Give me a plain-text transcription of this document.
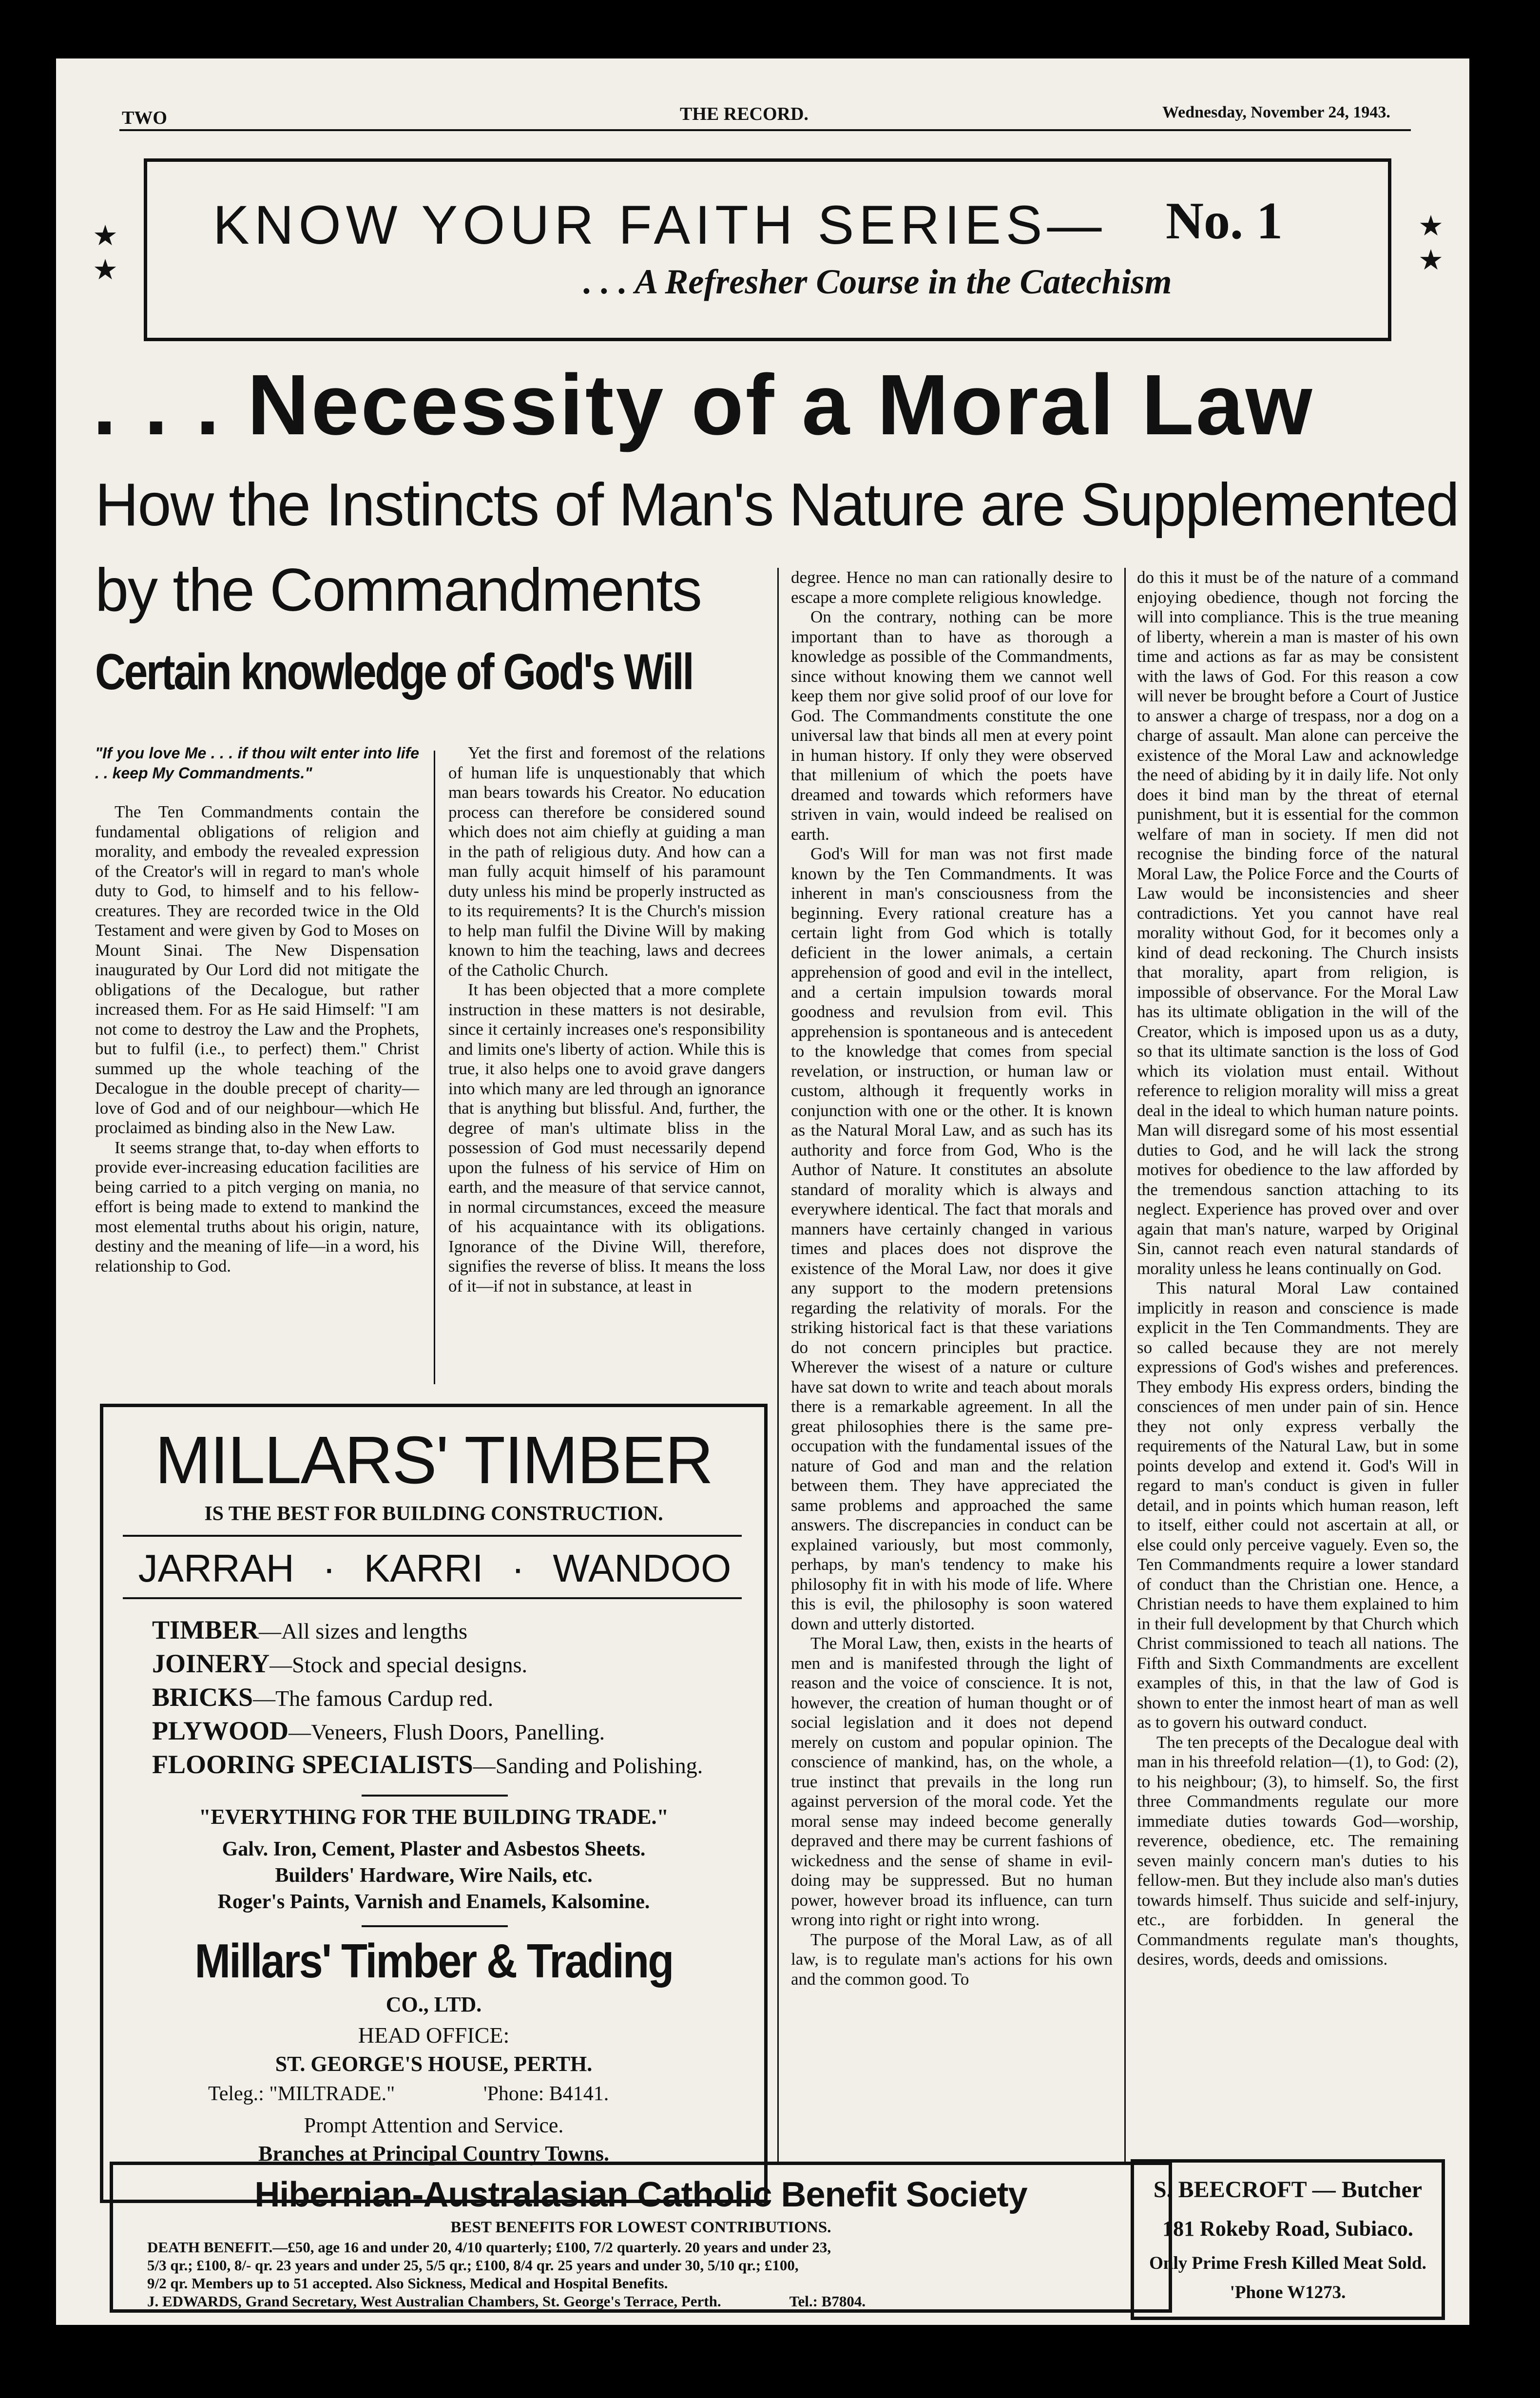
TWO	THE RECORD.	Wednesday, November 24, 1943.
KNOW YOUR FAITH SERIES— No. 1
. . . A Refresher Course in the Catechism
★
★
★
★
. . . Necessity of a Moral Law
How the Instincts of Man's Nature are Supplemented
by the Commandments
Certain knowledge of God's Will

"If you love Me . . . if thou wilt enter into life . . keep My Commandments."

The Ten Commandments contain the fundamental obligations of religion and morality, and embody the revealed expression of the Creator's will in regard to man's whole duty to God, to himself and to his fellow-creatures. They are recorded twice in the Old Testament and were given by God to Moses on Mount Sinai. The New Dispensation inaugurated by Our Lord did not mitigate the obligations of the Decalogue, but rather increased them. For as He said Himself: "I am not come to destroy the Law and the Prophets, but to fulfil (i.e., to perfect) them." Christ summed up the whole teaching of the Decalogue in the double precept of charity—love of God and of our neighbour—which He proclaimed as binding also in the New Law.

It seems strange that, to-day when efforts to provide ever-increasing education facilities are being carried to a pitch verging on mania, no effort is being made to extend to mankind the most elemental truths about his origin, nature, destiny and the meaning of life—in a word, his relationship to God.

Yet the first and foremost of the relations of human life is unquestionably that which man bears towards his Creator. No education process can therefore be considered sound which does not aim chiefly at guiding a man in the path of religious duty. And how can a man fully acquit himself of his paramount duty unless his mind be properly instructed as to its requirements? It is the Church's mission to help man fulfil the Divine Will by making known to him the teaching, laws and decrees of the Catholic Church.

It has been objected that a more complete instruction in these matters is not desirable, since it certainly increases one's responsibility and limits one's liberty of action. While this is true, it also helps one to avoid grave dangers into which many are led through an ignorance that is anything but blissful. And, further, the degree of man's ultimate bliss in the possession of God must necessarily depend upon the fulness of his service of Him on earth, and the measure of that service cannot, in normal circumstances, exceed the measure of his acquaintance with its obligations. Ignorance of the Divine Will, therefore, signifies the reverse of bliss. It means the loss of it—if not in substance, at least in

degree. Hence no man can rationally desire to escape a more complete religious knowledge.

On the contrary, nothing can be more important than to have as thorough a knowledge as possible of the Commandments, since without knowing them we cannot well keep them nor give solid proof of our love for God. The Commandments constitute the one universal law that binds all men at every point in human history. If only they were observed that millenium of which the poets have dreamed and towards which reformers have striven in vain, would indeed be realised on earth.

God's Will for man was not first made known by the Ten Commandments. It was inherent in man's consciousness from the beginning. Every rational creature has a certain light from God which is totally deficient in the lower animals, a certain apprehension of good and evil in the intellect, and a certain impulsion towards moral goodness and revulsion from evil. This apprehension is spontaneous and is antecedent to the knowledge that comes from special revelation, or instruction, or human law or custom, although it frequently works in conjunction with one or the other. It is known as the Natural Moral Law, and as such has its authority and force from God, Who is the Author of Nature. It constitutes an absolute standard of morality which is always and everywhere identical. The fact that morals and manners have certainly changed in various times and places does not disprove the existence of the Moral Law, nor does it give any support to the modern pretensions regarding the relativity of morals. For the striking historical fact is that these variations do not concern principles but practice. Wherever the wisest of a nature or culture have sat down to write and teach about morals there is a remarkable agreement. In all the great philosophies there is the same pre-occupation with the fundamental issues of the nature of God and man and the relation between them. They have appreciated the same problems and approached the same answers. The discrepancies in conduct can be explained variously, but most commonly, perhaps, by man's tendency to make his philosophy fit in with his mode of life. Where this is evil, the philosophy is soon watered down and utterly distorted.

The Moral Law, then, exists in the hearts of men and is manifested through the light of reason and the voice of conscience. It is not, however, the creation of human thought or of social legislation and it does not depend merely on custom and popular opinion. The conscience of mankind, has, on the whole, a true instinct that prevails in the long run against perversion of the moral code. Yet the moral sense may indeed become generally depraved and there may be current fashions of wickedness and the sense of shame in evil-doing may be suppressed. But no human power, however broad its influence, can turn wrong into right or right into wrong.

The purpose of the Moral Law, as of all law, is to regulate man's actions for his own and the common good. To

do this it must be of the nature of a command enjoying obedience, though not forcing the will into compliance. This is the true meaning of liberty, wherein a man is master of his own time and actions as far as may be consistent with the laws of God. For this reason a cow will never be brought before a Court of Justice to answer a charge of trespass, nor a dog on a charge of assault. Man alone can perceive the existence of the Moral Law and acknowledge the need of abiding by it in daily life. Not only does it bind man by the threat of eternal punishment, but it is essential for the common welfare of man in society. If men did not recognise the binding force of the natural Moral Law, the Police Force and the Courts of Law would be inconsistencies and sheer contradictions. Yet you cannot have real morality without God, for it becomes only a kind of dead reckoning. The Church insists that morality, apart from religion, is impossible of observance. For the Moral Law has its ultimate obligation in the will of the Creator, which is imposed upon us as a duty, so that its ultimate sanction is the loss of God which its violation must entail. Without reference to religion morality will miss a great deal in the ideal to which human nature points. Man will disregard some of his most essential duties to God, and he will lack the strong motives for obedience to the law afforded by the tremendous sanction attaching to its neglect. Experience has proved over and over again that man's nature, warped by Original Sin, cannot reach even natural standards of morality unless he leans continually on God.

This natural Moral Law contained implicitly in reason and conscience is made explicit in the Ten Commandments. They are so called because they are not merely expressions of God's wishes and preferences. They embody His express orders, binding the consciences of men under pain of sin. Hence they not only express verbally the requirements of the Natural Law, but in some points develop and extend it. God's Will in regard to man's conduct is given in fuller detail, and in points which human reason, left to itself, either could not ascertain at all, or else could only perceive vaguely. Even so, the Ten Commandments require a lower standard of conduct than the Christian one. Hence, a Christian needs to have them explained to him in their full development by that Church which Christ commissioned to teach all nations. The Fifth and Sixth Commandments are excellent examples of this, in that the law of God is shown to enter the inmost heart of man as well as to govern his outward conduct.

The ten precepts of the Decalogue deal with man in his threefold relation—(1), to God: (2), to his neighbour; (3), to himself. So, the first three Commandments regulate our more immediate duties towards God—worship, reverence, obedience, etc. The remaining seven mainly concern man's duties to his fellow-men. But they include also man's duties towards himself. Thus suicide and self-injury, etc., are forbidden. In general the Commandments regulate man's thoughts, desires, words, deeds and omissions.

MILLARS' TIMBER
IS THE BEST FOR BUILDING CONSTRUCTION.
JARRAH · KARRI · WANDOO
TIMBER—All sizes and lengths
JOINERY—Stock and special designs.
BRICKS—The famous Cardup red.
PLYWOOD—Veneers, Flush Doors, Panelling.
FLOORING SPECIALISTS—Sanding and Polishing.
"EVERYTHING FOR THE BUILDING TRADE."
Galv. Iron, Cement, Plaster and Asbestos Sheets.
Builders' Hardware, Wire Nails, etc.
Roger's Paints, Varnish and Enamels, Kalsomine.
Millars' Timber & Trading
CO., LTD.
HEAD OFFICE:
ST. GEORGE'S HOUSE, PERTH.
Teleg.: "MILTRADE."	'Phone: B4141.
Prompt Attention and Service.
Branches at Principal Country Towns.
Hibernian-Australasian Catholic Benefit Society
BEST BENEFITS FOR LOWEST CONTRIBUTIONS.
DEATH BENEFIT.—£50, age 16 and under 20, 4/10 quarterly; £100, 7/2 quarterly. 20 years and under 23,
5/3 qr.; £100, 8/- qr. 23 years and under 25, 5/5 qr.; £100, 8/4 qr. 25 years and under 30, 5/10 qr.; £100,
9/2 qr. Members up to 51 accepted. Also Sickness, Medical and Hospital Benefits.
J. EDWARDS, Grand Secretary, West Australian Chambers, St. George's Terrace, Perth.	Tel.: B7804.
S. BEECROFT — Butcher
181 Rokeby Road, Subiaco.
Only Prime Fresh Killed Meat Sold.
'Phone W1273.
